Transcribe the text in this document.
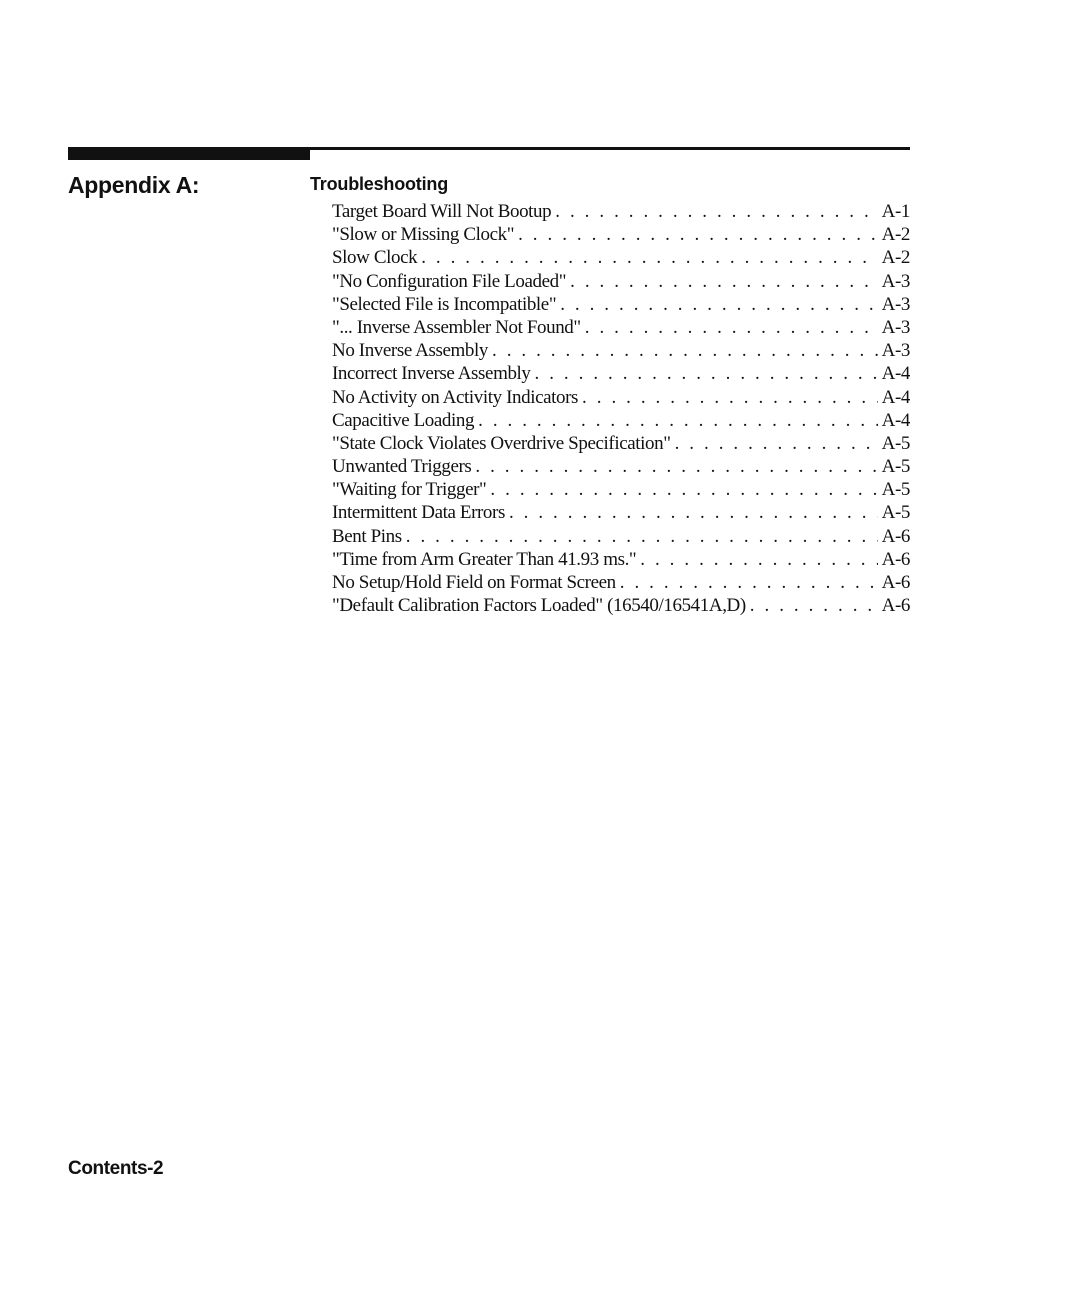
Appendix A:	Troubleshooting
Target Board Will Not Bootup . . .	A-1
"Slow or Missing Clock" . . .	A-2
Slow Clock . . .	A-2
"No Configuration File Loaded" . . .	A-3
"Selected File is Incompatible" . . .	A-3
"... Inverse Assembler Not Found" . . .	A-3
No Inverse Assembly . . .	A-3
Incorrect Inverse Assembly . . .	A-4
No Activity on Activity Indicators . . .	A-4
Capacitive Loading . . .	A-4
"State Clock Violates Overdrive Specification" . . .	A-5
Unwanted Triggers . . .	A-5
"Waiting for Trigger" . . .	A-5
Intermittent Data Errors . . .	A-5
Bent Pins . . .	A-6
"Time from Arm Greater Than 41.93 ms." . . .	A-6
No Setup/Hold Field on Format Screen . . .	A-6
"Default Calibration Factors Loaded" (16540/16541A,D) . . .	A-6
Contents-2
